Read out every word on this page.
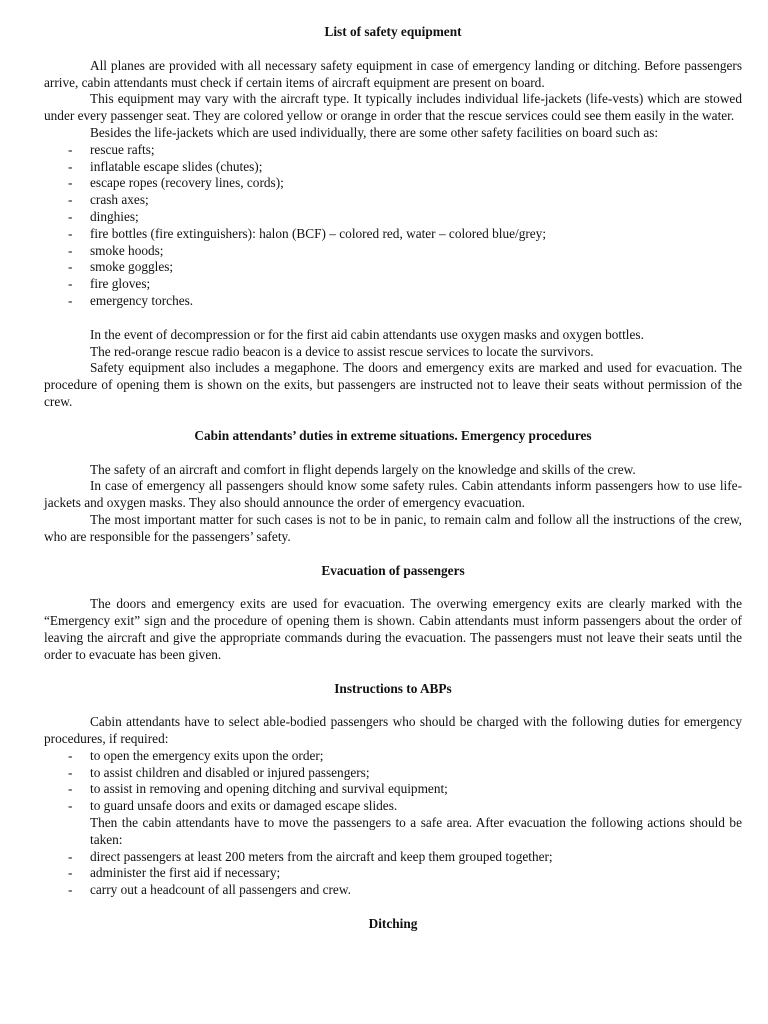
List of safety equipment

All planes are provided with all necessary safety equipment in case of emergency landing or ditching. Before passengers arrive, cabin attendants must check if certain items of aircraft equipment are present on board.

This equipment may vary with the aircraft type. It typically includes individual life-jackets (life-vests) which are stowed under every passenger seat. They are colored yellow or orange in order that the rescue services could see them easily in the water.

Besides the life-jackets which are used individually, there are some other safety facilities on board such as:

- rescue rafts;
- inflatable escape slides (chutes);
- escape ropes (recovery lines, cords);
- crash axes;
- dinghies;
- fire bottles (fire extinguishers): halon (BCF) – colored red, water – colored blue/grey;
- smoke hoods;
- smoke goggles;
- fire gloves;
- emergency torches.

In the event of decompression or for the first aid cabin attendants use oxygen masks and oxygen bottles.

The red-orange rescue radio beacon is a device to assist rescue services to locate the survivors.

Safety equipment also includes a megaphone. The doors and emergency exits are marked and used for evacuation. The procedure of opening them is shown on the exits, but passengers are instructed not to leave their seats without permission of the crew.

Cabin attendants’ duties in extreme situations. Emergency procedures

The safety of an aircraft and comfort in flight depends largely on the knowledge and skills of the crew.

In case of emergency all passengers should know some safety rules. Cabin attendants inform passengers how to use life-jackets and oxygen masks. They also should announce the order of emergency evacuation.

The most important matter for such cases is not to be in panic, to remain calm and follow all the instructions of the crew, who are responsible for the passengers’ safety.

Evacuation of passengers

The doors and emergency exits are used for evacuation. The overwing emergency exits are clearly marked with the “Emergency exit” sign and the procedure of opening them is shown. Cabin attendants must inform passengers about the order of leaving the aircraft and give the appropriate commands during the evacuation. The passengers must not leave their seats until the order to evacuate has been given.

Instructions to ABPs

Cabin attendants have to select able-bodied passengers who should be charged with the following duties for emergency procedures, if required:

- to open the emergency exits upon the order;
- to assist children and disabled or injured passengers;
- to assist in removing and opening ditching and survival equipment;
- to guard unsafe doors and exits or damaged escape slides.

Then the cabin attendants have to move the passengers to a safe area. After evacuation the following actions should be taken:

- direct passengers at least 200 meters from the aircraft and keep them grouped together;
- administer the first aid if necessary;
- carry out a headcount of all passengers and crew.
Ditching
